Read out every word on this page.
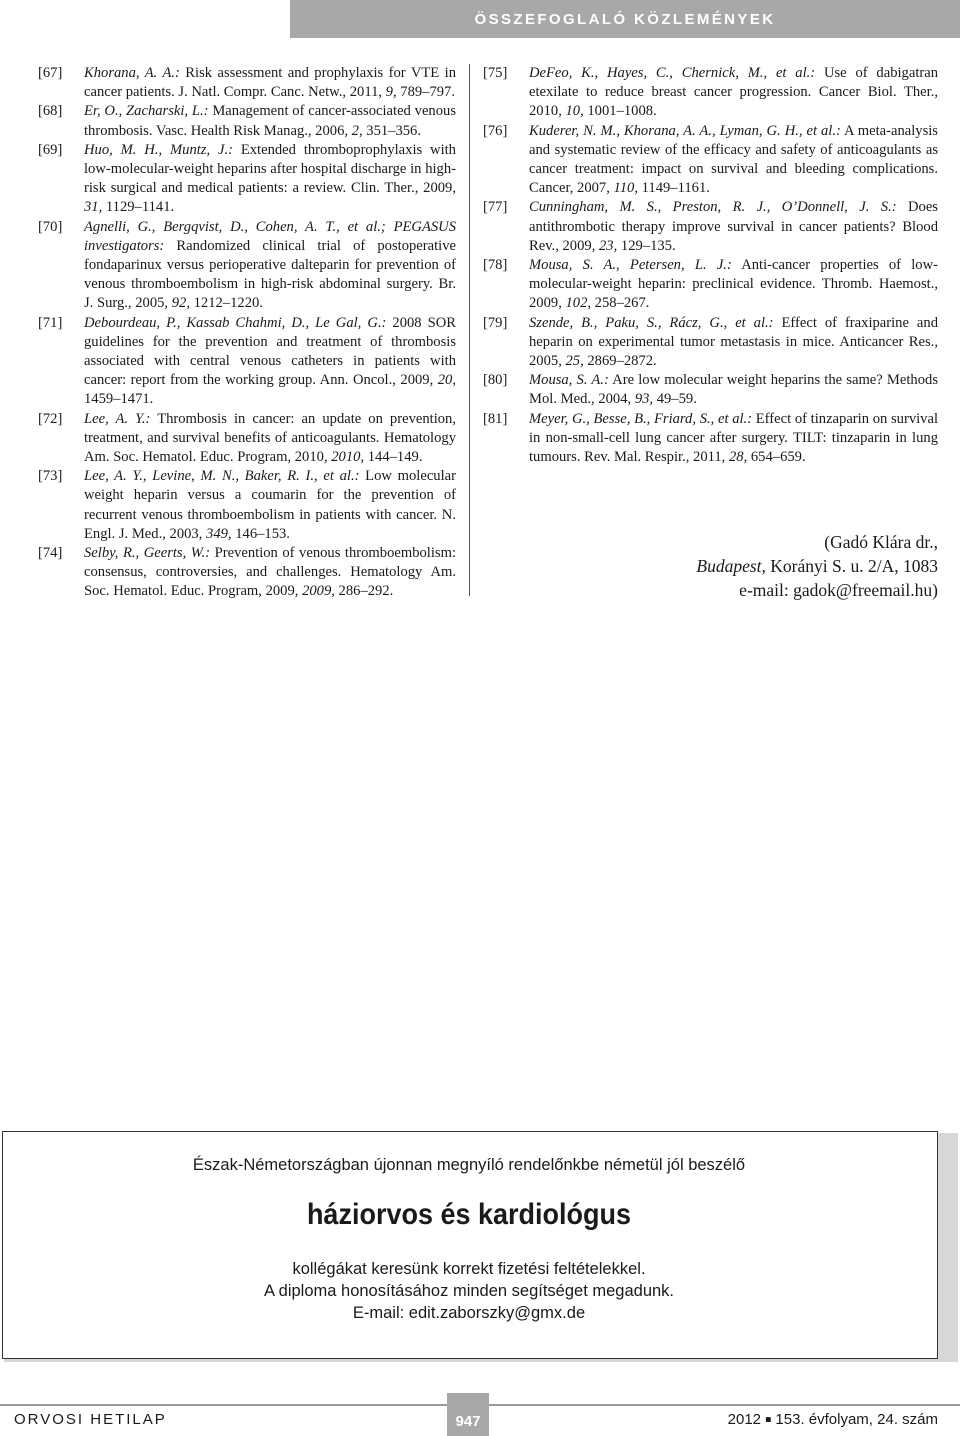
ÖSSZEFOGLALÓ KÖZLEMÉNYEK
[67]	Khorana, A. A.: Risk assessment and prophylaxis for VTE in cancer patients. J. Natl. Compr. Canc. Netw., 2011, 9, 789–797.
[68]	Er, O., Zacharski, L.: Management of cancer-associated venous thrombosis. Vasc. Health Risk Manag., 2006, 2, 351–356.
[69]	Huo, M. H., Muntz, J.: Extended thromboprophylaxis with low-molecular-weight heparins after hospital discharge in high-risk surgical and medical patients: a review. Clin. Ther., 2009, 31, 1129–1141.
[70]	Agnelli, G., Bergqvist, D., Cohen, A. T., et al.; PEGASUS investigators: Randomized clinical trial of postoperative fondaparinux versus perioperative dalteparin for prevention of venous thromboembolism in high-risk abdominal surgery. Br. J. Surg., 2005, 92, 1212–1220.
[71]	Debourdeau, P., Kassab Chahmi, D., Le Gal, G.: 2008 SOR guidelines for the prevention and treatment of thrombosis associated with central venous catheters in patients with cancer: report from the working group. Ann. Oncol., 2009, 20, 1459–1471.
[72]	Lee, A. Y.: Thrombosis in cancer: an update on prevention, treatment, and survival benefits of anticoagulants. Hematology Am. Soc. Hematol. Educ. Program, 2010, 2010, 144–149.
[73]	Lee, A. Y., Levine, M. N., Baker, R. I., et al.: Low molecular weight heparin versus a coumarin for the prevention of recurrent venous thromboembolism in patients with cancer. N. Engl. J. Med., 2003, 349, 146–153.
[74]	Selby, R., Geerts, W.: Prevention of venous thromboembolism: consensus, controversies, and challenges. Hematology Am. Soc. Hematol. Educ. Program, 2009, 2009, 286–292.
[75]	DeFeo, K., Hayes, C., Chernick, M., et al.: Use of dabigatran etexilate to reduce breast cancer progression. Cancer Biol. Ther., 2010, 10, 1001–1008.
[76]	Kuderer, N. M., Khorana, A. A., Lyman, G. H., et al.: A meta-analysis and systematic review of the efficacy and safety of anticoagulants as cancer treatment: impact on survival and bleeding complications. Cancer, 2007, 110, 1149–1161.
[77]	Cunningham, M. S., Preston, R. J., O’Donnell, J. S.: Does antithrombotic therapy improve survival in cancer patients? Blood Rev., 2009, 23, 129–135.
[78]	Mousa, S. A., Petersen, L. J.: Anti-cancer properties of low-molecular-weight heparin: preclinical evidence. Thromb. Haemost., 2009, 102, 258–267.
[79]	Szende, B., Paku, S., Rácz, G., et al.: Effect of fraxiparine and heparin on experimental tumor metastasis in mice. Anticancer Res., 2005, 25, 2869–2872.
[80]	Mousa, S. A.: Are low molecular weight heparins the same? Methods Mol. Med., 2004, 93, 49–59.
[81]	Meyer, G., Besse, B., Friard, S., et al.: Effect of tinzaparin on survival in non-small-cell lung cancer after surgery. TILT: tinzaparin in lung tumours. Rev. Mal. Respir., 2011, 28, 654–659.
(Gadó Klára dr.,
Budapest, Korányi S. u. 2/A, 1083
e-mail: gadok@freemail.hu)
Észak-Németországban újonnan megnyíló rendelőnkbe németül jól beszélő
háziorvos és kardiológus
kollégákat keresünk korrekt fizetési feltételekkel.
A diploma honosításához minden segítséget megadunk.
E-mail: edit.zaborszky@gmx.de
ORVOSI HETILAP	947	2012 ■ 153. évfolyam, 24. szám
